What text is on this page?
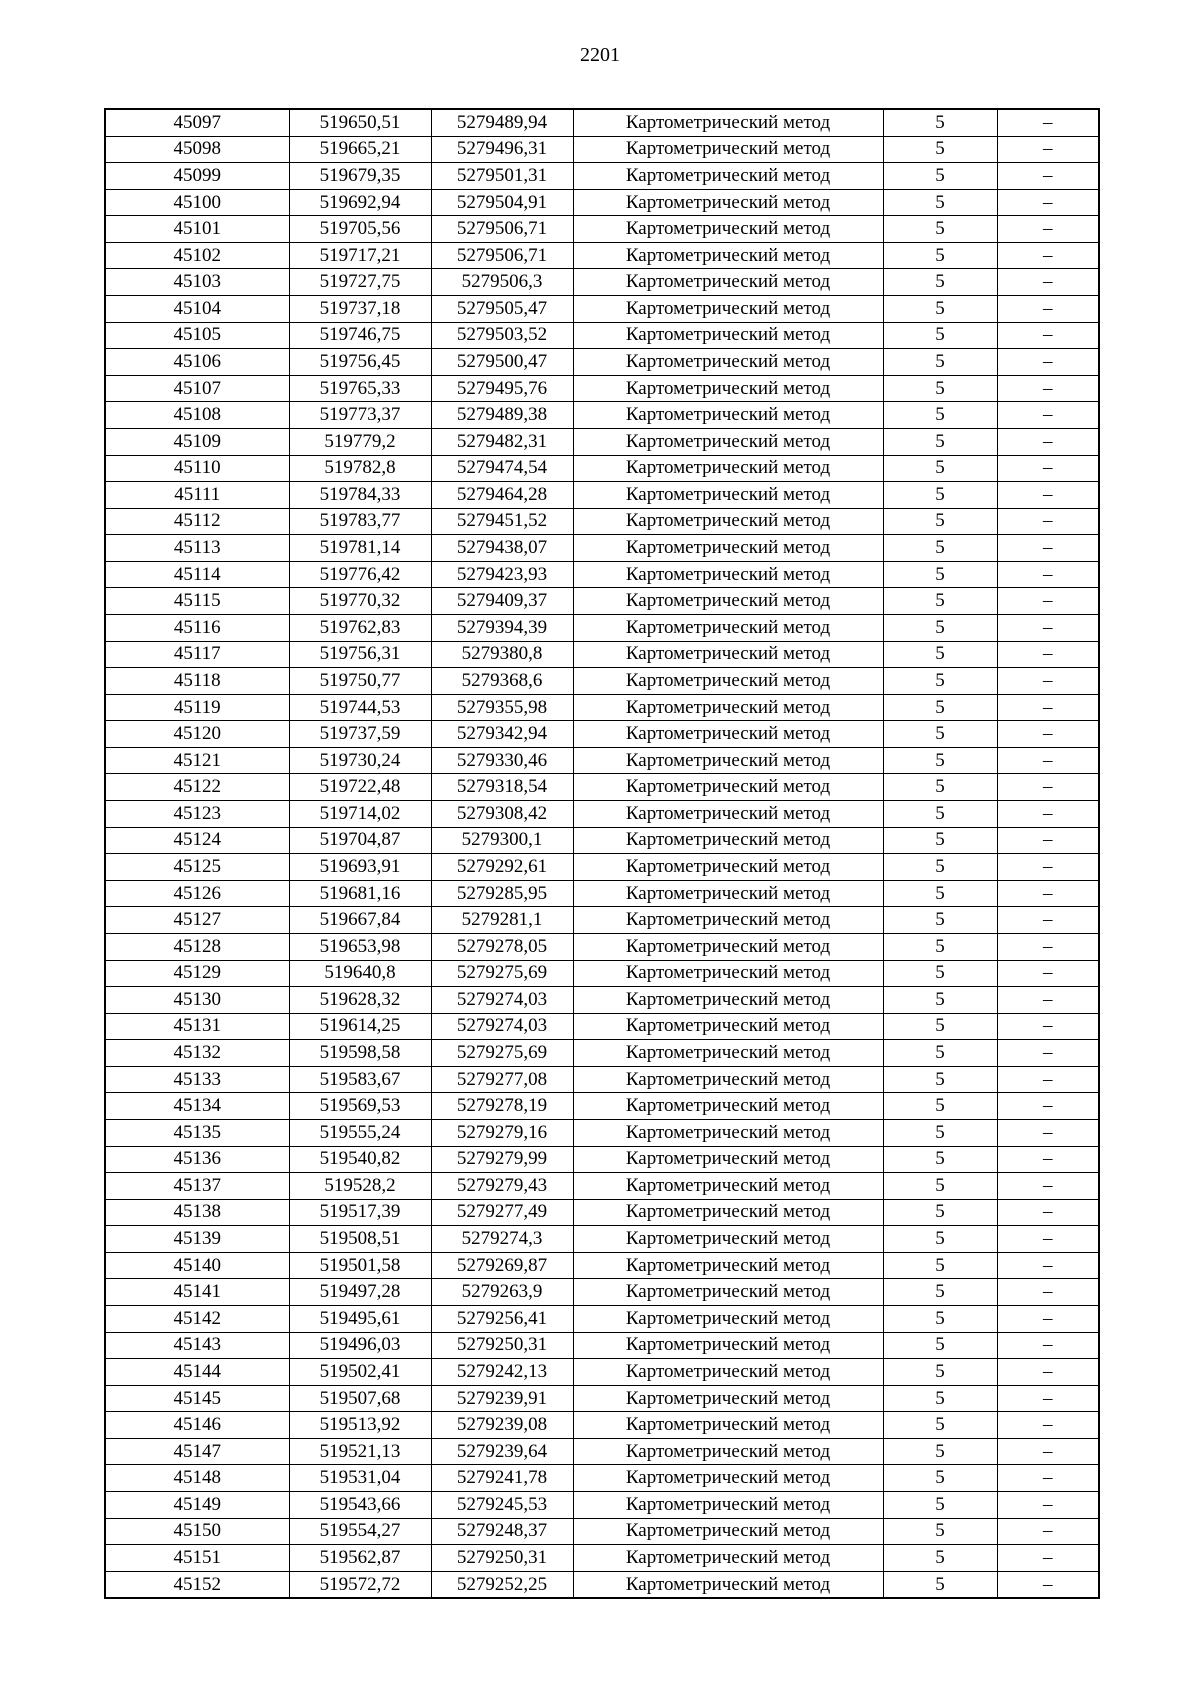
2201
45097	519650,51	5279489,94	Картометрический метод	5	–
45098	519665,21	5279496,31	Картометрический метод	5	–
45099	519679,35	5279501,31	Картометрический метод	5	–
45100	519692,94	5279504,91	Картометрический метод	5	–
45101	519705,56	5279506,71	Картометрический метод	5	–
45102	519717,21	5279506,71	Картометрический метод	5	–
45103	519727,75	5279506,3	Картометрический метод	5	–
45104	519737,18	5279505,47	Картометрический метод	5	–
45105	519746,75	5279503,52	Картометрический метод	5	–
45106	519756,45	5279500,47	Картометрический метод	5	–
45107	519765,33	5279495,76	Картометрический метод	5	–
45108	519773,37	5279489,38	Картометрический метод	5	–
45109	519779,2	5279482,31	Картометрический метод	5	–
45110	519782,8	5279474,54	Картометрический метод	5	–
45111	519784,33	5279464,28	Картометрический метод	5	–
45112	519783,77	5279451,52	Картометрический метод	5	–
45113	519781,14	5279438,07	Картометрический метод	5	–
45114	519776,42	5279423,93	Картометрический метод	5	–
45115	519770,32	5279409,37	Картометрический метод	5	–
45116	519762,83	5279394,39	Картометрический метод	5	–
45117	519756,31	5279380,8	Картометрический метод	5	–
45118	519750,77	5279368,6	Картометрический метод	5	–
45119	519744,53	5279355,98	Картометрический метод	5	–
45120	519737,59	5279342,94	Картометрический метод	5	–
45121	519730,24	5279330,46	Картометрический метод	5	–
45122	519722,48	5279318,54	Картометрический метод	5	–
45123	519714,02	5279308,42	Картометрический метод	5	–
45124	519704,87	5279300,1	Картометрический метод	5	–
45125	519693,91	5279292,61	Картометрический метод	5	–
45126	519681,16	5279285,95	Картометрический метод	5	–
45127	519667,84	5279281,1	Картометрический метод	5	–
45128	519653,98	5279278,05	Картометрический метод	5	–
45129	519640,8	5279275,69	Картометрический метод	5	–
45130	519628,32	5279274,03	Картометрический метод	5	–
45131	519614,25	5279274,03	Картометрический метод	5	–
45132	519598,58	5279275,69	Картометрический метод	5	–
45133	519583,67	5279277,08	Картометрический метод	5	–
45134	519569,53	5279278,19	Картометрический метод	5	–
45135	519555,24	5279279,16	Картометрический метод	5	–
45136	519540,82	5279279,99	Картометрический метод	5	–
45137	519528,2	5279279,43	Картометрический метод	5	–
45138	519517,39	5279277,49	Картометрический метод	5	–
45139	519508,51	5279274,3	Картометрический метод	5	–
45140	519501,58	5279269,87	Картометрический метод	5	–
45141	519497,28	5279263,9	Картометрический метод	5	–
45142	519495,61	5279256,41	Картометрический метод	5	–
45143	519496,03	5279250,31	Картометрический метод	5	–
45144	519502,41	5279242,13	Картометрический метод	5	–
45145	519507,68	5279239,91	Картометрический метод	5	–
45146	519513,92	5279239,08	Картометрический метод	5	–
45147	519521,13	5279239,64	Картометрический метод	5	–
45148	519531,04	5279241,78	Картометрический метод	5	–
45149	519543,66	5279245,53	Картометрический метод	5	–
45150	519554,27	5279248,37	Картометрический метод	5	–
45151	519562,87	5279250,31	Картометрический метод	5	–
45152	519572,72	5279252,25	Картометрический метод	5	–
